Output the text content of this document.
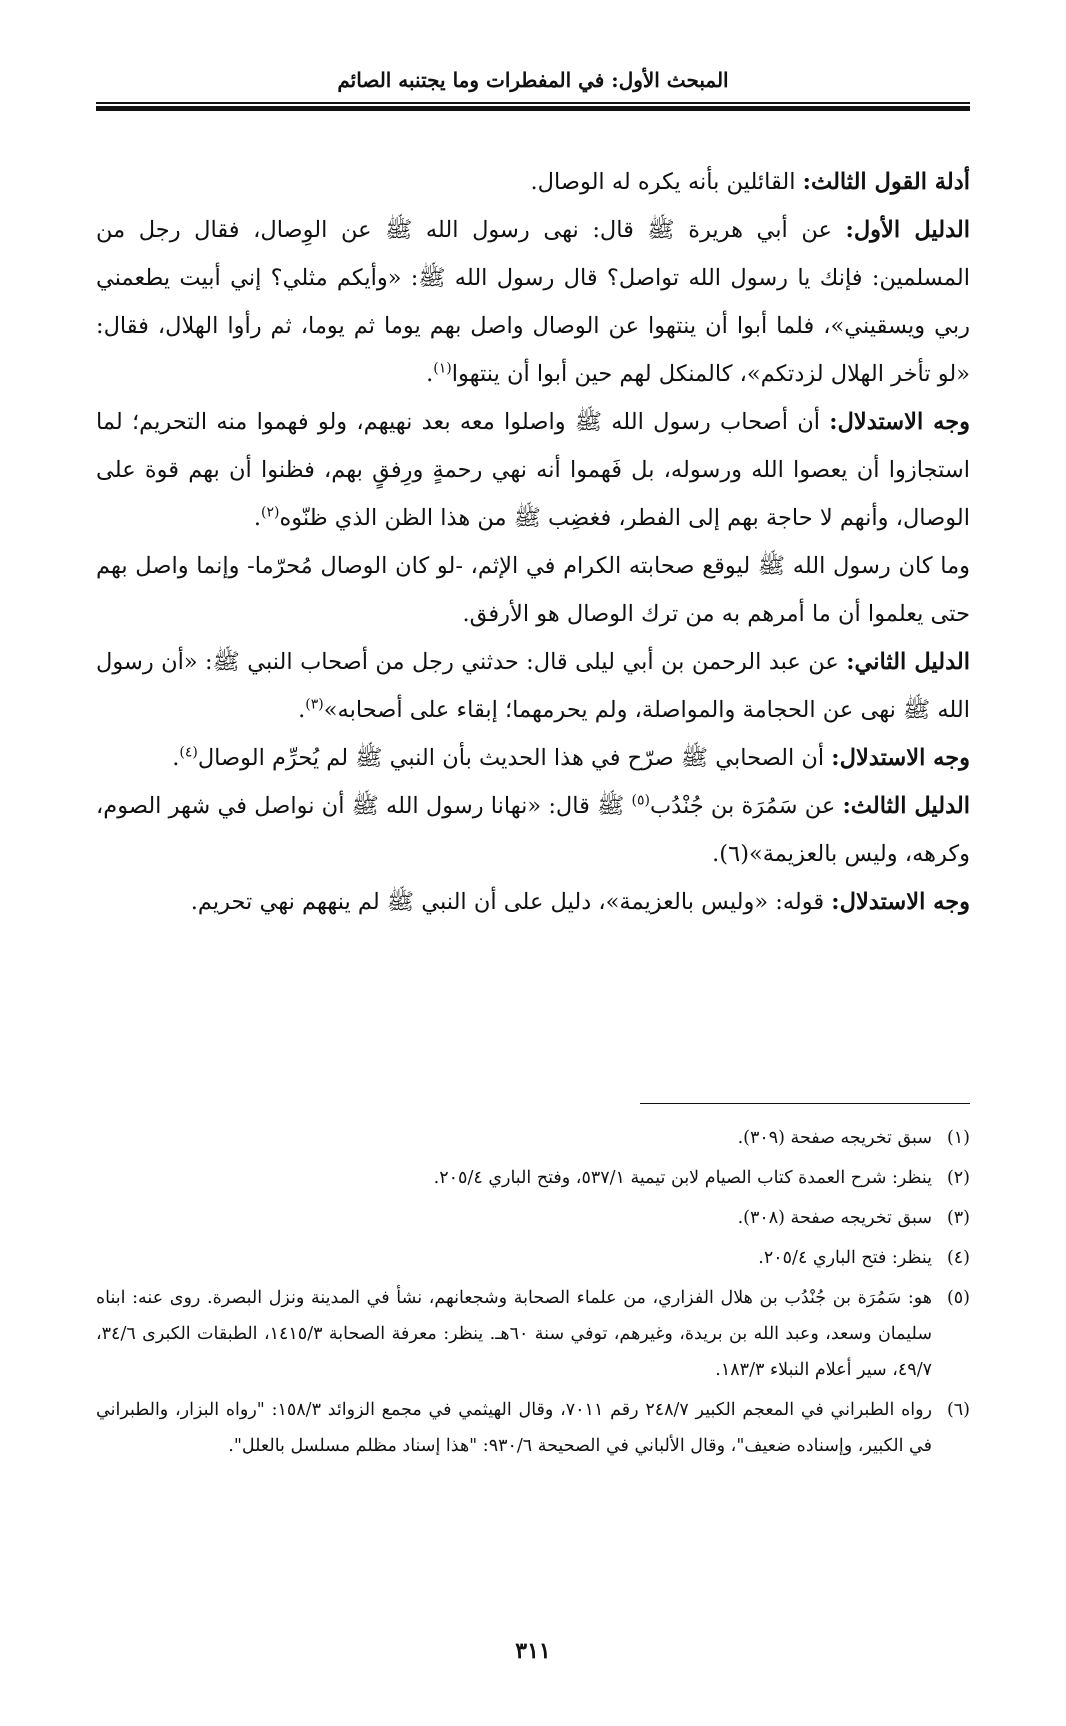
المبحث الأول: في المفطرات وما يجتنبه الصائم

أدلة القول الثالث: القائلين بأنه يكره له الوصال.

الدليل الأول: عن أبي هريرة ﷺ قال: نهى رسول الله ﷺ عن الوِصال، فقال رجل من المسلمين: فإنك يا رسول الله تواصل؟ قال رسول الله ﷺ: «وأيكم مثلي؟ إني أبيت يطعمني ربي ويسقيني»، فلما أبوا أن ينتهوا عن الوصال واصل بهم يوما ثم يوما، ثم رأوا الهلال، فقال: «لو تأخر الهلال لزدتكم»، كالمنكل لهم حين أبوا أن ينتهوا$^{(١)}$.

وجه الاستدلال: أن أصحاب رسول الله ﷺ واصلوا معه بعد نهيهم، ولو فهموا منه التحريم؛ لما استجازوا أن يعصوا الله ورسوله، بل فَهموا أنه نهي رحمةٍ ورِفقٍ بهم، فظنوا أن بهم قوة على الوصال، وأنهم لا حاجة بهم إلى الفطر، فغضِب ﷺ من هذا الظن الذي ظنّوه$^{(٢)}$.

وما كان رسول الله ﷺ ليوقع صحابته الكرام في الإثم، -لو كان الوصال مُحرّما- وإنما واصل بهم حتى يعلموا أن ما أمرهم به من ترك الوصال هو الأرفق.

الدليل الثاني: عن عبد الرحمن بن أبي ليلى قال: حدثني رجل من أصحاب النبي ﷺ: «أن رسول الله ﷺ نهى عن الحجامة والمواصلة، ولم يحرمهما؛ إبقاء على أصحابه»$^{(٣)}$.

وجه الاستدلال: أن الصحابي ﷺ صرّح في هذا الحديث بأن النبي ﷺ لم يُحرِّم الوصال$^{(٤)}$.

الدليل الثالث: عن سَمُرَة بن جُنْدُب$^{(٥)}$ ﷺ قال: «نهانا رسول الله ﷺ أن نواصل في شهر الصوم، وكرهه، وليس بالعزيمة»(٦).

وجه الاستدلال: قوله: «وليس بالعزيمة»، دليل على أن النبي ﷺ لم ينههم نهي تحريم.

(١)سبق تخريجه صفحة (٣٠٩).

(٢)ينظر: شرح العمدة كتاب الصيام لابن تيمية ٥٣٧/١، وفتح الباري ٢٠٥/٤.

(٣)سبق تخريجه صفحة (٣٠٨).

(٤)ينظر: فتح الباري ٢٠٥/٤.

(٥)هو: سَمُرَة بن جُنْدُب بن هلال الفزاري، من علماء الصحابة وشجعانهم، نشأ في المدينة ونزل البصرة. روى عنه: ابناه سليمان وسعد، وعبد الله بن بريدة، وغيرهم، توفي سنة ٦٠هـ. ينظر: معرفة الصحابة ١٤١٥/٣، الطبقات الكبرى ٣٤/٦، ٤٩/٧، سير أعلام النبلاء ١٨٣/٣.

(٦)رواه الطبراني في المعجم الكبير ٢٤٨/٧ رقم ٧٠١١، وقال الهيثمي في مجمع الزوائد ١٥٨/٣: "رواه البزار، والطبراني في الكبير، وإسناده ضعيف"، وقال الألباني في الصحيحة ٩٣٠/٦: "هذا إسناد مظلم مسلسل بالعلل".

٣١١
